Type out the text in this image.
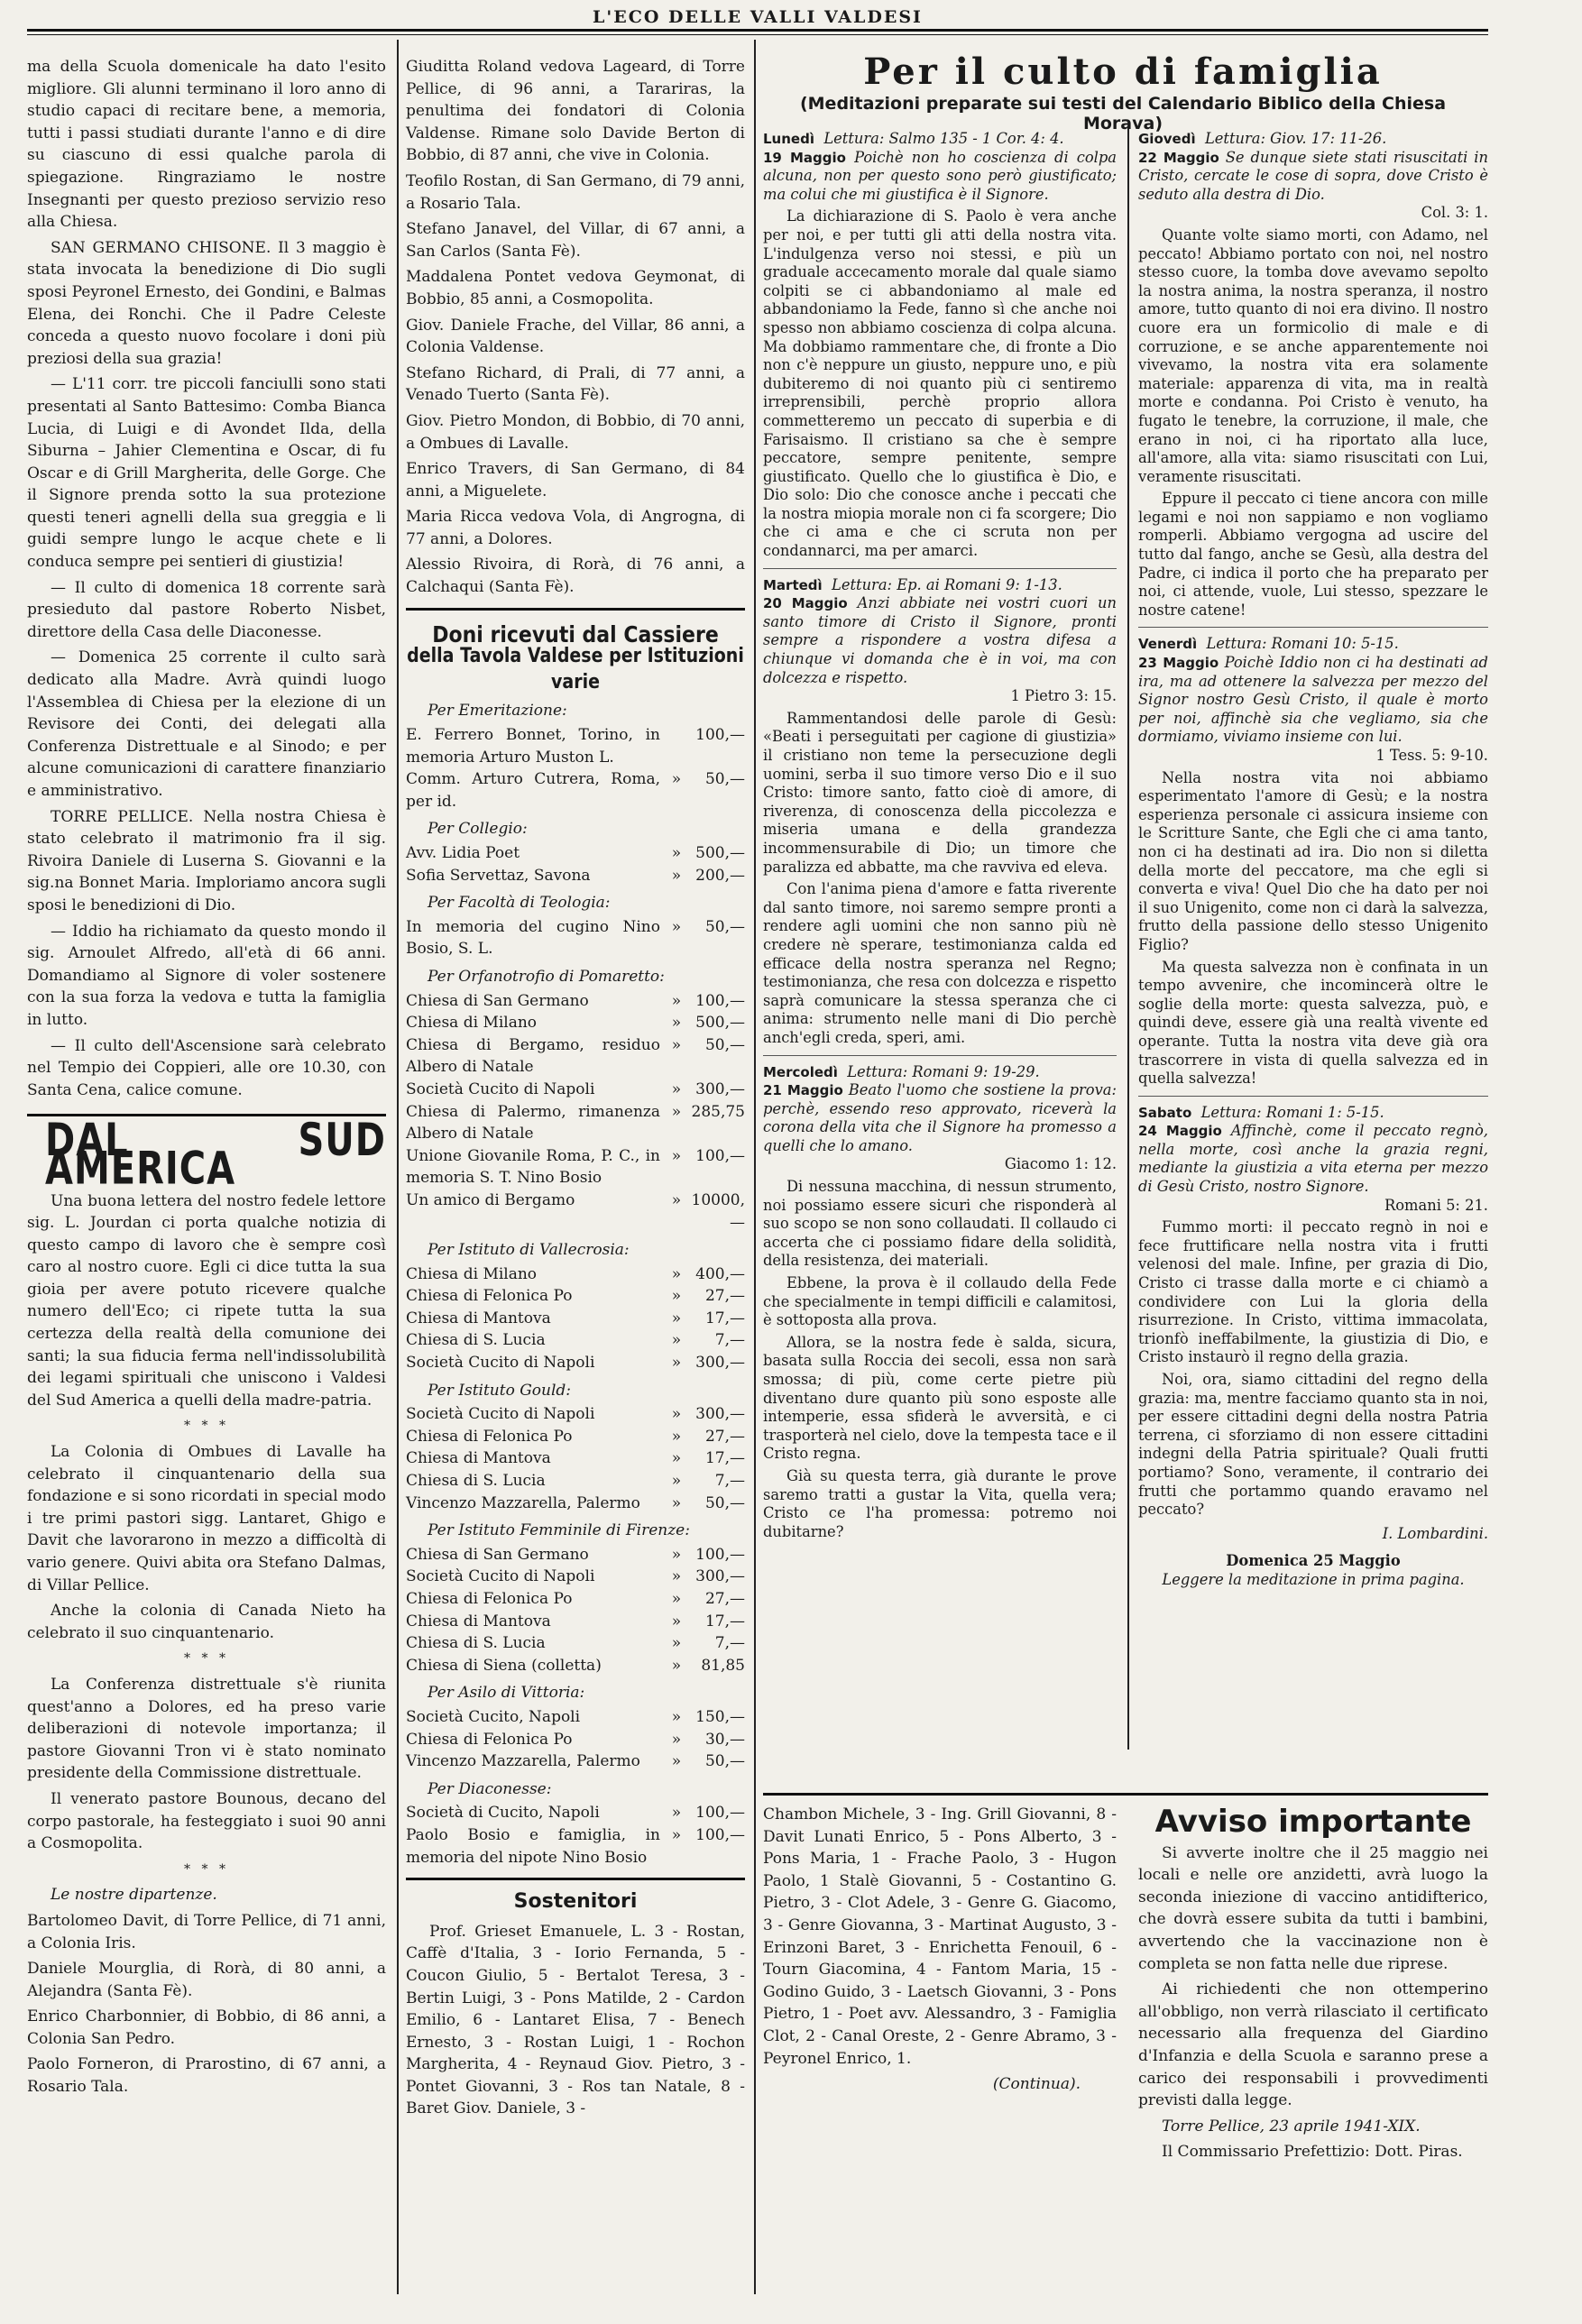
L'ECO DELLE VALLI VALDESI

ma della Scuola domenicale ha dato l'esito migliore. Gli alunni terminano il loro anno di studio capaci di recitare bene, a memoria, tutti i passi studiati durante l'anno e di dire su ciascuno di essi qualche parola di spiegazione. Ringraziamo le nostre Insegnanti per questo prezioso servizio reso alla Chiesa.

SAN GERMANO CHISONE. Il 3 maggio è stata invocata la benedizione di Dio sugli sposi Peyronel Ernesto, dei Gondini, e Balmas Elena, dei Ronchi. Che il Padre Celeste conceda a questo nuovo focolare i doni più preziosi della sua grazia!

— L'11 corr. tre piccoli fanciulli sono stati presentati al Santo Battesimo: Comba Bianca Lucia, di Luigi e di Avondet Ilda, della Siburna – Jahier Clementina e Oscar, di fu Oscar e di Grill Margherita, delle Gorge. Che il Signore prenda sotto la sua protezione questi teneri agnelli della sua greggia e li guidi sempre lungo le acque chete e li conduca sempre pei sentieri di giustizia!

— Il culto di domenica 18 corrente sarà presieduto dal pastore Roberto Nisbet, direttore della Casa delle Diaconesse.

— Domenica 25 corrente il culto sarà dedicato alla Madre. Avrà quindi luogo l'Assemblea di Chiesa per la elezione di un Revisore dei Conti, dei delegati alla Conferenza Distrettuale e al Sinodo; e per alcune comunicazioni di carattere finanziario e amministrativo.

TORRE PELLICE. Nella nostra Chiesa è stato celebrato il matrimonio fra il sig. Rivoira Daniele di Luserna S. Giovanni e la sig.na Bonnet Maria. Imploriamo ancora sugli sposi le benedizioni di Dio.

— Iddio ha richiamato da questo mondo il sig. Arnoulet Alfredo, all'età di 66 anni. Domandiamo al Signore di voler sostenere con la sua forza la vedova e tutta la famiglia in lutto.

— Il culto dell'Ascensione sarà celebrato nel Tempio dei Coppieri, alle ore 10.30, con Santa Cena, calice comune.

DAL SUD AMERICA

Una buona lettera del nostro fedele lettore sig. L. Jourdan ci porta qualche notizia di questo campo di lavoro che è sempre così caro al nostro cuore. Egli ci dice tutta la sua gioia per avere potuto ricevere qualche numero dell'Eco; ci ripete tutta la sua certezza della realtà della comunione dei santi; la sua fiducia ferma nell'indissolubilità dei legami spirituali che uniscono i Valdesi del Sud America a quelli della madre-patria.

* * *

La Colonia di Ombues di Lavalle ha celebrato il cinquantenario della sua fondazione e si sono ricordati in special modo i tre primi pastori sigg. Lantaret, Ghigo e Davit che lavorarono in mezzo a difficoltà di vario genere. Quivi abita ora Stefano Dalmas, di Villar Pellice.

Anche la colonia di Canada Nieto ha celebrato il suo cinquantenario.

* * *

La Conferenza distrettuale s'è riunita quest'anno a Dolores, ed ha preso varie deliberazioni di notevole importanza; il pastore Giovanni Tron vi è stato nominato presidente della Commissione distrettuale.

Il venerato pastore Bounous, decano del corpo pastorale, ha festeggiato i suoi 90 anni a Cosmopolita.

* * *

Le nostre dipartenze.

Bartolomeo Davit, di Torre Pellice, di 71 anni, a Colonia Iris.

Daniele Mourglia, di Rorà, di 80 anni, a Alejandra (Santa Fè).

Enrico Charbonnier, di Bobbio, di 86 anni, a Colonia San Pedro.

Paolo Forneron, di Prarostino, di 67 anni, a Rosario Tala.

Giuditta Roland vedova Lageard, di Torre Pellice, di 96 anni, a Tarariras, la penultima dei fondatori di Colonia Valdense. Rimane solo Davide Berton di Bobbio, di 87 anni, che vive in Colonia.

Teofilo Rostan, di San Germano, di 79 anni, a Rosario Tala.

Stefano Janavel, del Villar, di 67 anni, a San Carlos (Santa Fè).

Maddalena Pontet vedova Geymonat, di Bobbio, 85 anni, a Cosmopolita.

Giov. Daniele Frache, del Villar, 86 anni, a Colonia Valdense.

Stefano Richard, di Prali, di 77 anni, a Venado Tuerto (Santa Fè).

Giov. Pietro Mondon, di Bobbio, di 70 anni, a Ombues di Lavalle.

Enrico Travers, di San Germano, di 84 anni, a Miguelete.

Maria Ricca vedova Vola, di Angrogna, di 77 anni, a Dolores.

Alessio Rivoira, di Rorà, di 76 anni, a Calchaqui (Santa Fè).

Doni ricevuti dal Cassiere
della Tavola Valdese per Istituzioni varie
Per Emeritazione:
E. Ferrero Bonnet, Torino, in memoria Arturo Muston L.
100,—
Comm. Arturo Cutrera, Roma, per id.
»	50,—
Per Collegio:
Avv. Lidia Poet	» 500,—
Sofia Servettaz, Savona	» 200,—
Per Facoltà di Teologia:
In memoria del cugino Nino Bosio, S. L.
»	50,—
Per Orfanotrofio di Pomaretto:
Chiesa di San Germano	» 100,—
Chiesa di Milano	» 500,—
Chiesa di Bergamo, residuo Albero di Natale
»	50,—
Società Cucito di Napoli	» 300,—
Chiesa di Palermo, rimanenza Albero di Natale
» 285,75
Unione Giovanile Roma, P. C., in memoria S. T. Nino Bosio
» 100,—
Un amico di Bergamo	» 10000,—
Per Istituto di Vallecrosia:
Chiesa di Milano	» 400,—
Chiesa di Felonica Po	»	27,—
Chiesa di Mantova	»	17,—
Chiesa di S. Lucia	»	7,—
Società Cucito di Napoli	» 300,—
Per Istituto Gould:
Società Cucito di Napoli	» 300,—
Chiesa di Felonica Po	»	27,—
Chiesa di Mantova	»	17,—
Chiesa di S. Lucia	»	7,—
Vincenzo Mazzarella, Palermo	»	50,—
Per Istituto Femminile di Firenze:
Chiesa di San Germano	» 100,—
Società Cucito di Napoli	» 300,—
Chiesa di Felonica Po	»	27,—
Chiesa di Mantova	»	17,—
Chiesa di S. Lucia	»	7,—
Chiesa di Siena (colletta)	»	81,85
Per Asilo di Vittoria:
Società Cucito, Napoli	» 150,—
Chiesa di Felonica Po	»	30,—
Vincenzo Mazzarella, Palermo	»	50,—
Per Diaconesse:
Società di Cucito, Napoli	» 100,—
Paolo Bosio e famiglia, in memoria del nipote Nino Bosio
» 100,—
Sostenitori

Prof. Grieset Emanuele, L. 3 - Rostan, Caffè d'Italia, 3 - Iorio Fernanda, 5 - Coucon Giulio, 5 - Bertalot Teresa, 3 - Bertin Luigi, 3 - Pons Matilde, 2 - Cardon Emilio, 6 - Lantaret Elisa, 7 - Benech Ernesto, 3 - Rostan Luigi, 1 - Rochon Margherita, 4 - Reynaud Giov. Pietro, 3 - Pontet Giovanni, 3 - Ros tan Natale, 8 - Baret Giov. Daniele, 3 -

Per il culto di famiglia
(Meditazioni preparate sui testi del Calendario Biblico della Chiesa Morava)
Lunedì Lettura: Salmo 135 - 1 Cor. 4: 4.
19 Maggio Poichè non ho coscienza di colpa alcuna, non per questo sono però giustificato; ma colui che mi giustifica è il Signore.

La dichiarazione di S. Paolo è vera anche per noi, e per tutti gli atti della nostra vita. L'indulgenza verso noi stessi, e più un graduale accecamento morale dal quale siamo colpiti se ci abbandoniamo al male ed abbandoniamo la Fede, fanno sì che anche noi spesso non abbiamo coscienza di colpa alcuna. Ma dobbiamo rammentare che, di fronte a Dio non c'è neppure un giusto, neppure uno, e più dubiteremo di noi quanto più ci sentiremo irreprensibili, perchè proprio allora commetteremo un peccato di superbia e di Farisaismo. Il cristiano sa che è sempre peccatore, sempre penitente, sempre giustificato. Quello che lo giustifica è Dio, e Dio solo: Dio che conosce anche i peccati che la nostra miopia morale non ci fa scorgere; Dio che ci ama e che ci scruta non per condannarci, ma per amarci.

Martedì Lettura: Ep. ai Romani 9: 1-13.
20 Maggio Anzi abbiate nei vostri cuori un santo timore di Cristo il Signore, pronti sempre a rispondere a vostra difesa a chiunque vi domanda che è in voi, ma con dolcezza e rispetto.
1 Pietro 3: 15.

Rammentandosi delle parole di Gesù: «Beati i perseguitati per cagione di giustizia» il cristiano non teme la persecuzione degli uomini, serba il suo timore verso Dio e il suo Cristo: timore santo, fatto cioè di amore, di riverenza, di conoscenza della piccolezza e miseria umana e della grandezza incommensurabile di Dio; un timore che paralizza ed abbatte, ma che ravviva ed eleva.

Con l'anima piena d'amore e fatta riverente dal santo timore, noi saremo sempre pronti a rendere agli uomini che non sanno più nè credere nè sperare, testimonianza calda ed efficace della nostra speranza nel Regno; testimonianza, che resa con dolcezza e rispetto saprà comunicare la stessa speranza che ci anima: strumento nelle mani di Dio perchè anch'egli creda, speri, ami.

Mercoledì Lettura: Romani 9: 19-29.
21 Maggio Beato l'uomo che sostiene la prova: perchè, essendo reso approvato, riceverà la corona della vita che il Signore ha promesso a quelli che lo amano.
Giacomo 1: 12.

Di nessuna macchina, di nessun strumento, noi possiamo essere sicuri che risponderà al suo scopo se non sono collaudati. Il collaudo ci accerta che ci possiamo fidare della solidità, della resistenza, dei materiali.

Ebbene, la prova è il collaudo della Fede che specialmente in tempi difficili e calamitosi, è sottoposta alla prova.

Allora, se la nostra fede è salda, sicura, basata sulla Roccia dei secoli, essa non sarà smossa; di più, come certe pietre più diventano dure quanto più sono esposte alle intemperie, essa sfiderà le avversità, e ci trasporterà nel cielo, dove la tempesta tace e il Cristo regna.

Già su questa terra, già durante le prove saremo tratti a gustar la Vita, quella vera; Cristo ce l'ha promessa: potremo noi dubitarne?

Giovedì Lettura: Giov. 17: 11-26.
22 Maggio Se dunque siete stati risuscitati in Cristo, cercate le cose di sopra, dove Cristo è seduto alla destra di Dio.
Col. 3: 1.

Quante volte siamo morti, con Adamo, nel peccato! Abbiamo portato con noi, nel nostro stesso cuore, la tomba dove avevamo sepolto la nostra anima, la nostra speranza, il nostro amore, tutto quanto di noi era divino. Il nostro cuore era un formicolio di male e di corruzione, e se anche apparentemente noi vivevamo, la nostra vita era solamente materiale: apparenza di vita, ma in realtà morte e condanna. Poi Cristo è venuto, ha fugato le tenebre, la corruzione, il male, che erano in noi, ci ha riportato alla luce, all'amore, alla vita: siamo risuscitati con Lui, veramente risuscitati.

Eppure il peccato ci tiene ancora con mille legami e noi non sappiamo e non vogliamo romperli. Abbiamo vergogna ad uscire del tutto dal fango, anche se Gesù, alla destra del Padre, ci indica il porto che ha preparato per noi, ci attende, vuole, Lui stesso, spezzare le nostre catene!

Venerdì Lettura: Romani 10: 5-15.
23 Maggio Poichè Iddio non ci ha destinati ad ira, ma ad ottenere la salvezza per mezzo del Signor nostro Gesù Cristo, il quale è morto per noi, affinchè sia che vegliamo, sia che dormiamo, viviamo insieme con lui.
1 Tess. 5: 9-10.

Nella nostra vita noi abbiamo esperimentato l'amore di Gesù; e la nostra esperienza personale ci assicura insieme con le Scritture Sante, che Egli che ci ama tanto, non ci ha destinati ad ira. Dio non si diletta della morte del peccatore, ma che egli si converta e viva! Quel Dio che ha dato per noi il suo Unigenito, come non ci darà la salvezza, frutto della passione dello stesso Unigenito Figlio?

Ma questa salvezza non è confinata in un tempo avvenire, che incomincerà oltre le soglie della morte: questa salvezza, può, e quindi deve, essere già una realtà vivente ed operante. Tutta la nostra vita deve già ora trascorrere in vista di quella salvezza ed in quella salvezza!

Sabato Lettura: Romani 1: 5-15.
24 Maggio Affinchè, come il peccato regnò, nella morte, così anche la grazia regni, mediante la giustizia a vita eterna per mezzo di Gesù Cristo, nostro Signore.
Romani 5: 21.

Fummo morti: il peccato regnò in noi e fece fruttificare nella nostra vita i frutti velenosi del male. Infine, per grazia di Dio, Cristo ci trasse dalla morte e ci chiamò a condividere con Lui la gloria della risurrezione. In Cristo, vittima immacolata, trionfò ineffabilmente, la giustizia di Dio, e Cristo instaurò il regno della grazia.

Noi, ora, siamo cittadini del regno della grazia: ma, mentre facciamo quanto sta in noi, per essere cittadini degni della nostra Patria terrena, ci sforziamo di non essere cittadini indegni della Patria spirituale? Quali frutti portiamo? Sono, veramente, il contrario dei frutti che portammo quando eravamo nel peccato?

I. Lombardini.
Domenica 25 Maggio
Leggere la meditazione in prima pagina.

Chambon Michele, 3 - Ing. Grill Giovanni, 8 - Davit Lunati Enrico, 5 - Pons Alberto, 3 - Pons Maria, 1 - Frache Paolo, 3 - Hugon Paolo, 1 Stalè Giovanni, 5 - Costantino G. Pietro, 3 - Clot Adele, 3 - Genre G. Giacomo, 3 - Genre Giovanna, 3 - Martinat Augusto, 3 - Erinzoni Baret, 3 - Enrichetta Fenouil, 6 - Tourn Giacomina, 4 - Fantom Maria, 15 - Godino Guido, 3 - Laetsch Giovanni, 3 - Pons Pietro, 1 - Poet avv. Alessandro, 3 - Famiglia Clot, 2 - Canal Oreste, 2 - Genre Abramo, 3 - Peyronel Enrico, 1.

(Continua).
Avviso importante

Si avverte inoltre che il 25 maggio nei locali e nelle ore anzidetti, avrà luogo la seconda iniezione di vaccino antidifterico, che dovrà essere subita da tutti i bambini, avvertendo che la vaccinazione non è completa se non fatta nelle due riprese.

Ai richiedenti che non ottemperino all'obbligo, non verrà rilasciato il certificato necessario alla frequenza del Giardino d'Infanzia e della Scuola e saranno prese a carico dei responsabili i provvedimenti previsti dalla legge.

Torre Pellice, 23 aprile 1941-XIX.

Il Commissario Prefettizio: Dott. Piras.
